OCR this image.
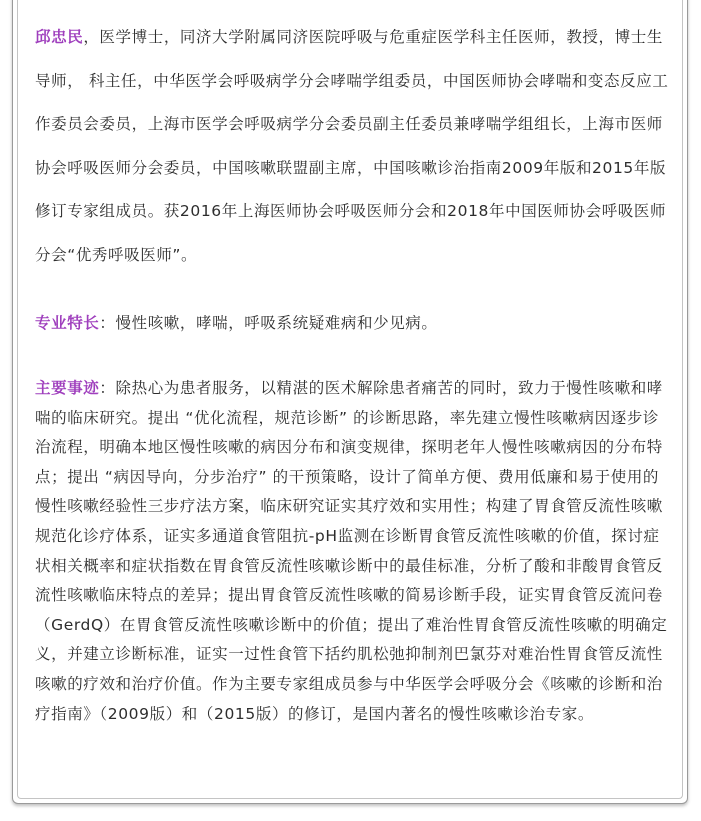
邱忠民，医学博士，同济大学附属同济医院呼吸与危重症医学科主任医师，教授，博士生导师， 科主任，中华医学会呼吸病学分会哮喘学组委员，中国医师协会哮喘和变态反应工作委员会委员，上海市医学会呼吸病学分会委员副主任委员兼哮喘学组组长，上海市医师协会呼吸医师分会委员，中国咳嗽联盟副主席，中国咳嗽诊治指南2009年版和2015年版修订专家组成员。获2016年上海医师协会呼吸医师分会和2018年中国医师协会呼吸医师分会“优秀呼吸医师”。

专业特长：慢性咳嗽，哮喘，呼吸系统疑难病和少见病。

主要事迹：除热心为患者服务，以精湛的医术解除患者痛苦的同时，致力于慢性咳嗽和哮喘的临床研究。提出 “优化流程，规范诊断” 的诊断思路，率先建立慢性咳嗽病因逐步诊治流程，明确本地区慢性咳嗽的病因分布和演变规律，探明老年人慢性咳嗽病因的分布特点；提出 “病因导向，分步治疗” 的干预策略，设计了简单方便、费用低廉和易于使用的慢性咳嗽经验性三步疗法方案，临床研究证实其疗效和实用性；构建了胃食管反流性咳嗽规范化诊疗体系，证实多通道食管阻抗-pH监测在诊断胃食管反流性咳嗽的价值，探讨症状相关概率和症状指数在胃食管反流性咳嗽诊断中的最佳标准，分析了酸和非酸胃食管反流性咳嗽临床特点的差异；提出胃食管反流性咳嗽的简易诊断手段，证实胃食管反流问卷（GerdQ）在胃食管反流性咳嗽诊断中的价值；提出了难治性胃食管反流性咳嗽的明确定义，并建立诊断标准，证实一过性食管下括约肌松弛抑制剂巴氯芬对难治性胃食管反流性咳嗽的疗效和治疗价值。作为主要专家组成员参与中华医学会呼吸分会《咳嗽的诊断和治疗指南》（2009版）和（2015版）的修订，是国内著名的慢性咳嗽诊治专家。
